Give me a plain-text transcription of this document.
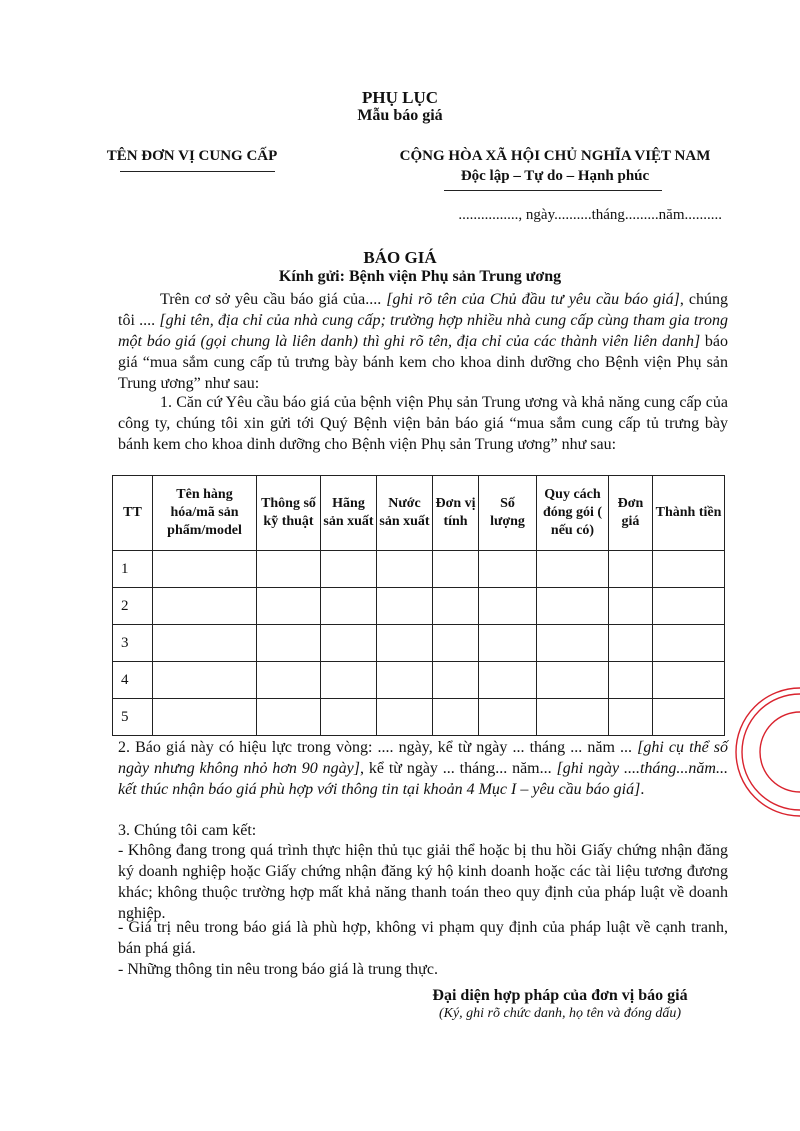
PHỤ LỤC
Mẫu báo giá
TÊN ĐƠN VỊ CUNG CẤP	CỘNG HÒA XÃ HỘI CHỦ NGHĨA VIỆT NAM
Độc lập – Tự do – Hạnh phúc
................, ngày..........tháng.........năm..........
BÁO GIÁ
Kính gửi: Bệnh viện Phụ sản Trung ương

Trên cơ sở yêu cầu báo giá của.... [ghi rõ tên của Chủ đầu tư yêu cầu báo giá], chúng tôi .... [ghi tên, địa chỉ của nhà cung cấp; trường hợp nhiều nhà cung cấp cùng tham gia trong một báo giá (gọi chung là liên danh) thì ghi rõ tên, địa chỉ của các thành viên liên danh] báo giá “mua sắm cung cấp tủ trưng bày bánh kem cho khoa dinh dưỡng cho Bệnh viện Phụ sản Trung ương” như sau:

1. Căn cứ Yêu cầu báo giá của bệnh viện Phụ sản Trung ương và khả năng cung cấp của công ty, chúng tôi xin gửi tới Quý Bệnh viện bản báo giá “mua sắm cung cấp tủ trưng bày bánh kem cho khoa dinh dưỡng cho Bệnh viện Phụ sản Trung ương” như sau:

TT	Tên hàng hóa/mã sản phẩm/model	Thông số kỹ thuật	Hãng sản xuất	Nước sản xuất	Đơn vị tính	Số lượng	Quy cách đóng gói ( nếu có)	Đơn giá	Thành tiền
1									
2									
3									
4									
5									

2. Báo giá này có hiệu lực trong vòng: .... ngày, kể từ ngày ... tháng ... năm ... [ghi cụ thể số ngày nhưng không nhỏ hơn 90 ngày], kể từ ngày ... tháng... năm... [ghi ngày ....tháng...năm... kết thúc nhận báo giá phù hợp với thông tin tại khoản 4 Mục I – yêu cầu báo giá].

3. Chúng tôi cam kết:

- Không đang trong quá trình thực hiện thủ tục giải thể hoặc bị thu hồi Giấy chứng nhận đăng ký doanh nghiệp hoặc Giấy chứng nhận đăng ký hộ kinh doanh hoặc các tài liệu tương đương khác; không thuộc trường hợp mất khả năng thanh toán theo quy định của pháp luật về doanh nghiệp.

- Giá trị nêu trong báo giá là phù hợp, không vi phạm quy định của pháp luật về cạnh tranh, bán phá giá.

- Những thông tin nêu trong báo giá là trung thực.

Đại diện hợp pháp của đơn vị báo giá
(Ký, ghi rõ chức danh, họ tên và đóng dấu)
